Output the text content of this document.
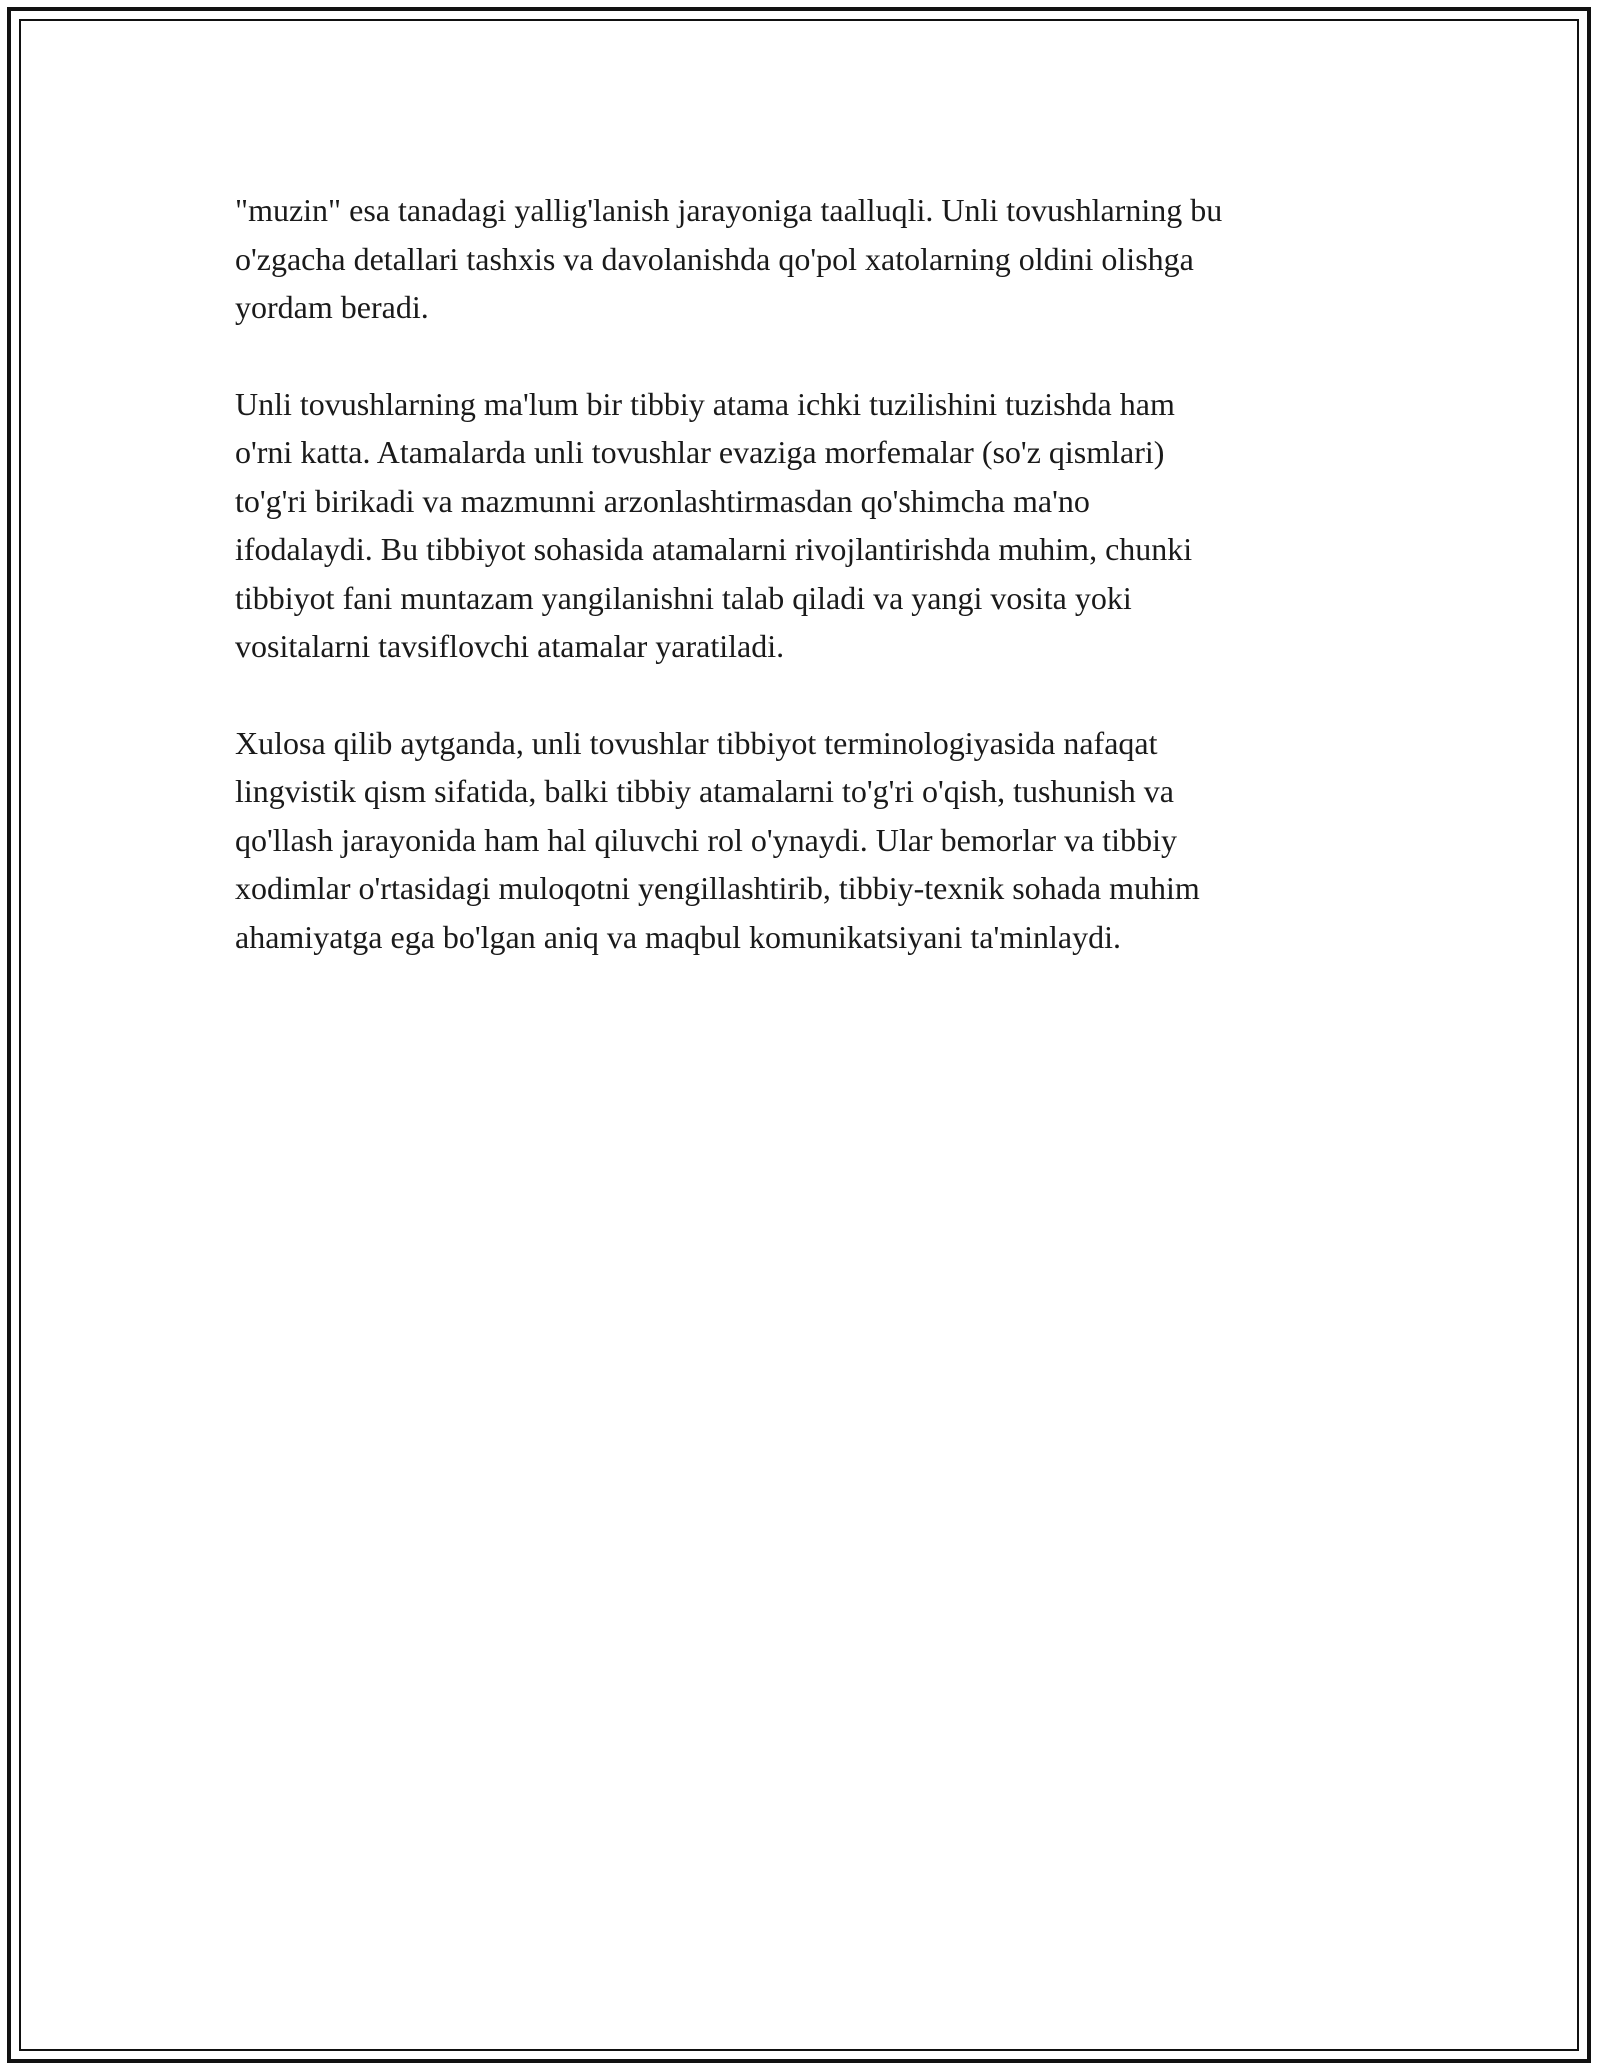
"muzin" esa tanadagi yallig'lanish jarayoniga taalluqli. Unli tovushlarning bu
o'zgacha detallari tashxis va davolanishda qo'pol xatolarning oldini olishga
yordam beradi.

Unli tovushlarning ma'lum bir tibbiy atama ichki tuzilishini tuzishda ham
o'rni katta. Atamalarda unli tovushlar evaziga morfemalar (so'z qismlari)
to'g'ri birikadi va mazmunni arzonlashtirmasdan qo'shimcha ma'no
ifodalaydi. Bu tibbiyot sohasida atamalarni rivojlantirishda muhim, chunki
tibbiyot fani muntazam yangilanishni talab qiladi va yangi vosita yoki
vositalarni tavsiflovchi atamalar yaratiladi.

Xulosa qilib aytganda, unli tovushlar tibbiyot terminologiyasida nafaqat
lingvistik qism sifatida, balki tibbiy atamalarni to'g'ri o'qish, tushunish va
qo'llash jarayonida ham hal qiluvchi rol o'ynaydi. Ular bemorlar va tibbiy
xodimlar o'rtasidagi muloqotni yengillashtirib, tibbiy-texnik sohada muhim
ahamiyatga ega bo'lgan aniq va maqbul komunikatsiyani ta'minlaydi.
